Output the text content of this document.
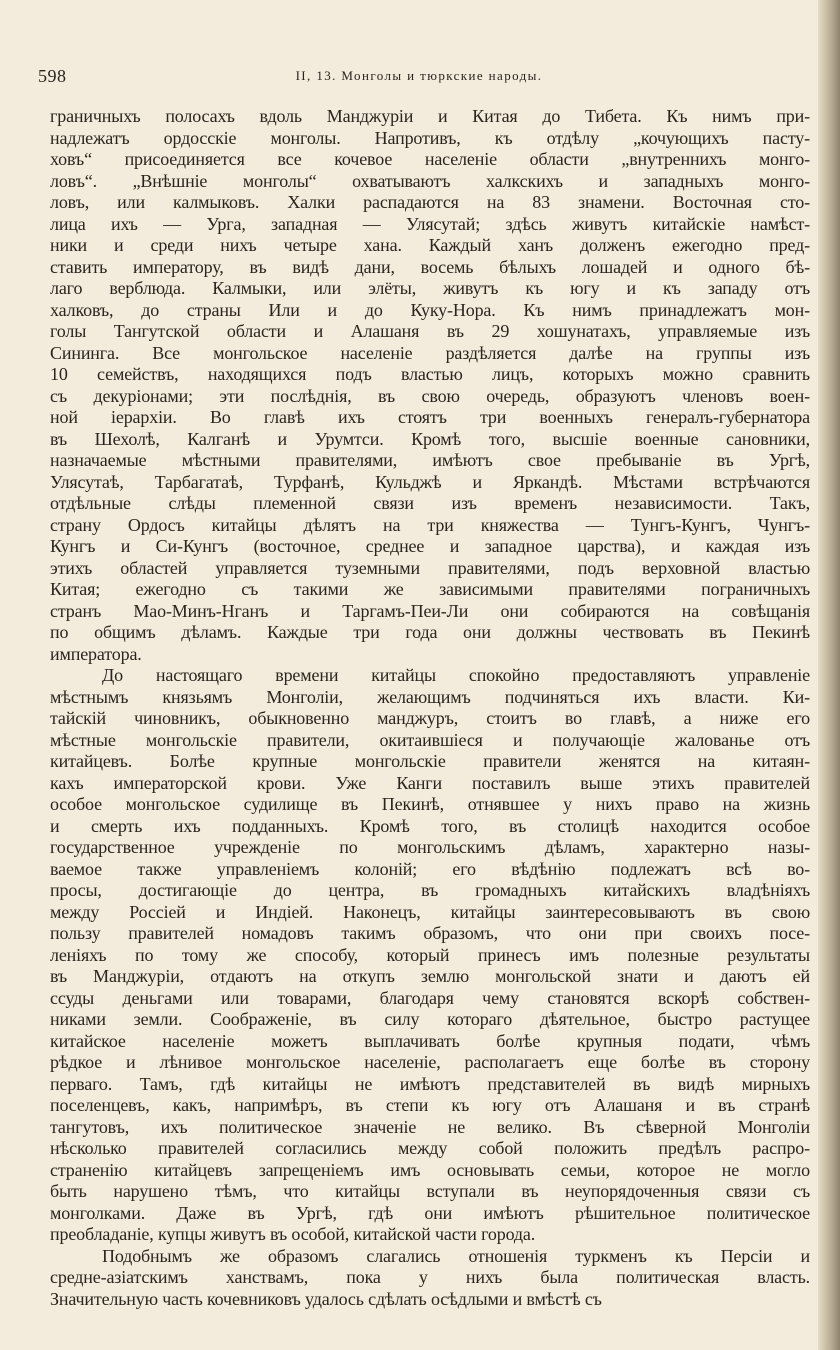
598	II, 13. Монголы и тюркские народы.
граничныхъ полосахъ вдоль Манджурiи и Китая до Тибета. Къ нимъ при-
надлежатъ ордосскiе монголы. Напротивъ, къ отдѣлу „кочующихъ пасту-
ховъ“ присоединяется все кочевое населенiе области „внутреннихъ монго-
ловъ“. „Внѣшнiе монголы“ охватываютъ халкскихъ и западныхъ монго-
ловъ, или калмыковъ. Халки распадаются на 83 знамени. Восточная сто-
лица ихъ — Урга, западная — Улясутай; здѣсь живутъ китайскiе намѣст-
ники и среди нихъ четыре хана. Каждый ханъ долженъ ежегодно пред-
ставить императору, въ видѣ дани, восемь бѣлыхъ лошадей и одного бѣ-
лаго верблюда. Калмыки, или элёты, живутъ къ югу и къ западу отъ
халковъ, до страны Или и до Куку-Нора. Къ нимъ принадлежатъ мон-
голы Тангутской области и Алашаня въ 29 хошунатахъ, управляемые изъ
Сининга. Все монгольское населенiе раздѣляется далѣе на группы изъ
10 семействъ, находящихся подъ властью лицъ, которыхъ можно сравнить
съ декурiонами; эти послѣднiя, въ свою очередь, образуютъ членовъ воен-
ной iерархiи. Во главѣ ихъ стоятъ три военныхъ генералъ-губернатора
въ Шехолѣ, Калганѣ и Урумтси. Кромѣ того, высшiе военные сановники,
назначаемые мѣстными правителями, имѣютъ свое пребыванiе въ Ургѣ,
Улясутаѣ, Тарбагатаѣ, Турфанѣ, Кульджѣ и Яркандѣ. Мѣстами встрѣчаются
отдѣльные слѣды племенной связи изъ временъ независимости. Такъ,
страну Ордосъ китайцы дѣлятъ на три княжества — Тунгъ-Кунгъ, Чунгъ-
Кунгъ и Си-Кунгъ (восточное, среднее и западное царства), и каждая изъ
этихъ областей управляется туземными правителями, подъ верховной властью
Китая; ежегодно съ такими же зависимыми правителями пограничныхъ
странъ Мао-Минъ-Нганъ и Таргамъ-Пеи-Ли они собираются на совѣщанiя
по общимъ дѣламъ. Каждые три года они должны чествовать въ Пекинѣ
императора.
До настоящаго времени китайцы спокойно предоставляютъ управленiе
мѣстнымъ князьямъ Монголiи, желающимъ подчиняться ихъ власти. Ки-
тайскiй чиновникъ, обыкновенно манджуръ, стоитъ во главѣ, а ниже его
мѣстные монгольскiе правители, окитаившiеся и получающiе жалованье отъ
китайцевъ. Болѣе крупные монгольскiе правители женятся на китаян-
кахъ императорской крови. Уже Канги поставилъ выше этихъ правителей
особое монгольское судилище въ Пекинѣ, отнявшее у нихъ право на жизнь
и смерть ихъ подданныхъ. Кромѣ того, въ столицѣ находится особое
государственное учрежденiе по монгольскимъ дѣламъ, характерно назы-
ваемое также управленiемъ колонiй; его вѣдѣнiю подлежатъ всѣ во-
просы, достигающiе до центра, въ громадныхъ китайскихъ владѣнiяхъ
между Россiей и Индiей. Наконецъ, китайцы заинтересовываютъ въ свою
пользу правителей номадовъ такимъ образомъ, что они при своихъ посе-
ленiяхъ по тому же способу, который принесъ имъ полезные результаты
въ Манджурiи, отдаютъ на откупъ землю монгольской знати и даютъ ей
ссуды деньгами или товарами, благодаря чему становятся вскорѣ собствен-
никами земли. Соображенiе, въ силу котораго дѣятельное, быстро растущее
китайское населенiе можетъ выплачивать болѣе крупныя подати, чѣмъ
рѣдкое и лѣнивое монгольское населенiе, располагаетъ еще болѣе въ сторону
перваго. Тамъ, гдѣ китайцы не имѣютъ представителей въ видѣ мирныхъ
поселенцевъ, какъ, напримѣръ, въ степи къ югу отъ Алашаня и въ странѣ
тангутовъ, ихъ политическое значенiе не велико. Въ сѣверной Монголiи
нѣсколько правителей согласились между собой положить предѣлъ распро-
страненiю китайцевъ запрещенiемъ имъ основывать семьи, которое не могло
быть нарушено тѣмъ, что китайцы вступали въ неупорядоченныя связи съ
монголками. Даже въ Ургѣ, гдѣ они имѣютъ рѣшительное политическое
преобладанiе, купцы живутъ въ особой, китайской части города.
Подобнымъ же образомъ слагались отношенiя туркменъ къ Персiи и
средне-азiатскимъ ханствамъ, пока у нихъ была политическая власть.
Значительную часть кочевниковъ удалось сдѣлать осѣдлыми и вмѣстѣ съ
